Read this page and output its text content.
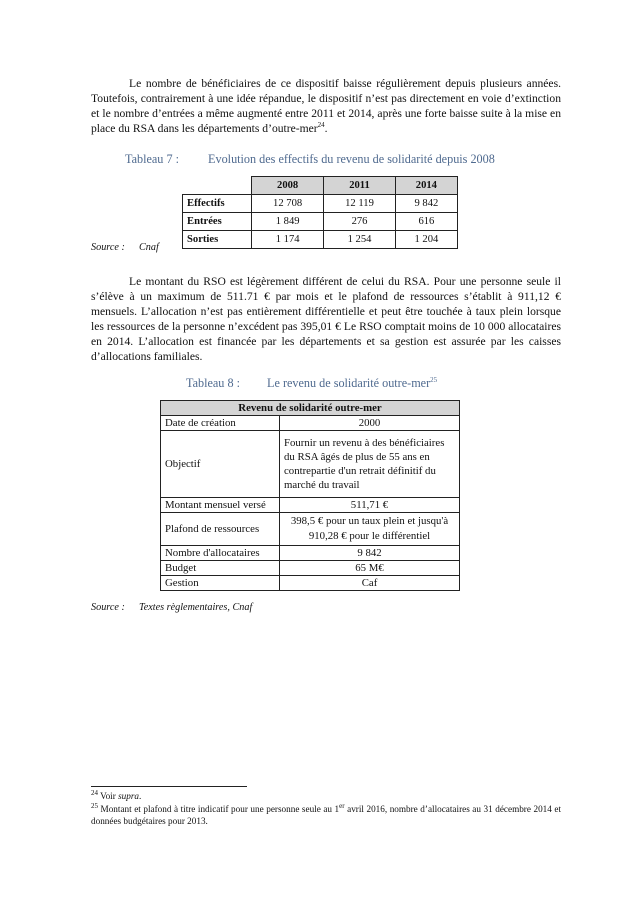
Le nombre de bénéficiaires de ce dispositif baisse régulièrement depuis plusieurs années. Toutefois, contrairement à une idée répandue, le dispositif n’est pas directement en voie d’extinction et le nombre d’entrées a même augmenté entre 2011 et 2014, après une forte baisse suite à la mise en place du RSA dans les départements d’outre-mer$^{24}$.

Tableau 7 : Evolution des effectifs du revenu de solidarité depuis 2008
	2008	2011	2014
Effectifs	12 708	12 119	9 842
Entrées	1 849	276	616
Sorties	1 174	1 254	1 204
Source : Cnaf

Le montant du RSO est légèrement différent de celui du RSA. Pour une personne seule il s’élève à un maximum de 511.71 € par mois et le plafond de ressources s’établit à 911,12 € mensuels. L’allocation n’est pas entièrement différentielle et peut être touchée à taux plein lorsque les ressources de la personne n’excédent pas 395,01 € Le RSO comptait moins de 10 000 allocataires en 2014. L’allocation est financée par les départements et sa gestion est assurée par les caisses d’allocations familiales.

Tableau 8 : Le revenu de solidarité outre-mer$^{25}$
Revenu de solidarité outre-mer	
Date de création	2000
Objectif	Fournir un revenu à des bénéficiaires du RSA âgés de plus de 55 ans en contrepartie d'un retrait définitif du marché du travail
Montant mensuel versé	511,71 €
Plafond de ressources	398,5 € pour un taux plein et jusqu'à 910,28 € pour le différentiel
Nombre d'allocataires	9 842
Budget	65 M€
Gestion	Caf
Source : Textes règlementaires, Cnaf

$^{24}$ Voir supra.

$^{25}$ Montant et plafond à titre indicatif pour une personne seule au 1er avril 2016, nombre d’allocataires au 31 décembre 2014 et données budgétaires pour 2013.
